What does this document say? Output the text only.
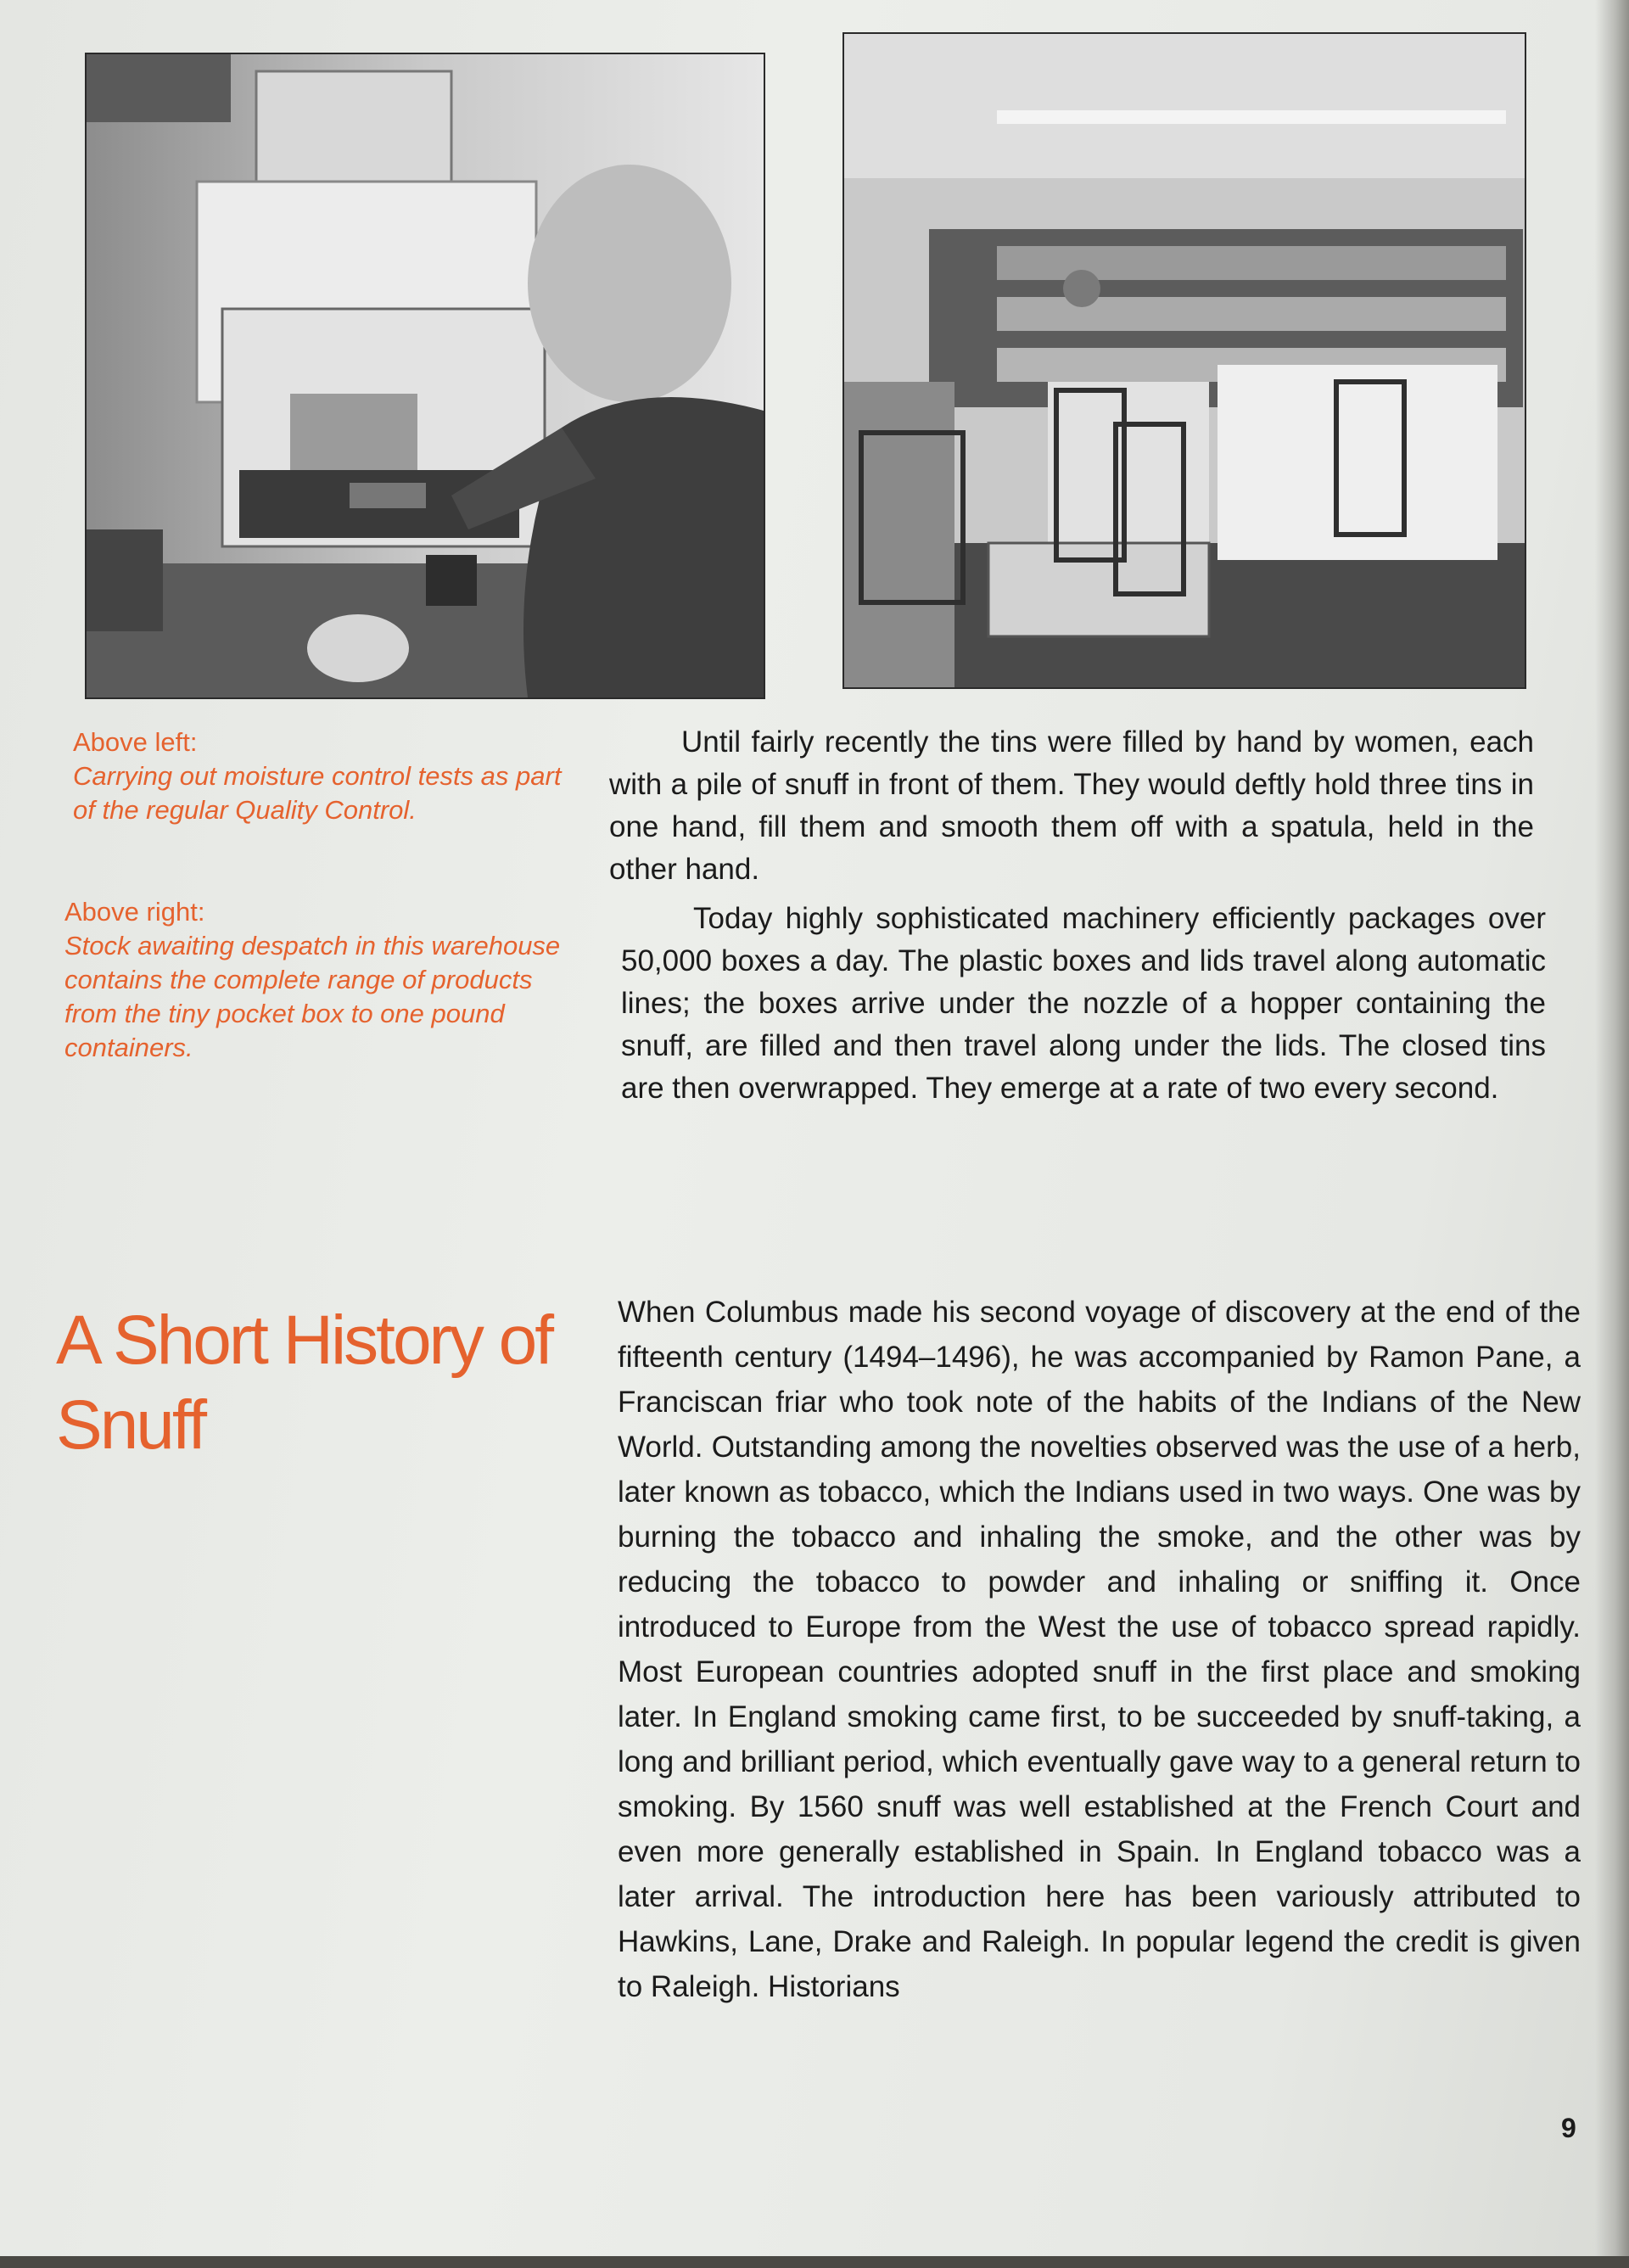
Above left:
Carrying out moisture control tests as part of the regular Quality Control.
Above right:
Stock awaiting despatch in this warehouse contains the complete range of products from the tiny pocket box to one pound containers.

Until fairly recently the tins were filled by hand by women, each with a pile of snuff in front of them. They would deftly hold three tins in one hand, fill them and smooth them off with a spatula, held in the other hand.

Today highly sophisticated machinery efficiently packages over 50,000 boxes a day. The plastic boxes and lids travel along automatic lines; the boxes arrive under the nozzle of a hopper containing the snuff, are filled and then travel along under the lids. The closed tins are then overwrapped. They emerge at a rate of two every second.

A Short History of Snuff

When Columbus made his second voyage of discovery at the end of the fifteenth century (1494–1496), he was accompanied by Ramon Pane, a Franciscan friar who took note of the habits of the Indians of the New World. Outstanding among the novelties observed was the use of a herb, later known as tobacco, which the Indians used in two ways. One was by burning the tobacco and inhaling the smoke, and the other was by reducing the tobacco to powder and inhaling or sniffing it. Once introduced to Europe from the West the use of tobacco spread rapidly. Most European countries adopted snuff in the first place and smoking later. In England smoking came first, to be succeeded by snuff-taking, a long and brilliant period, which eventually gave way to a general return to smoking. By 1560 snuff was well established at the French Court and even more generally established in Spain. In England tobacco was a later arrival. The introduction here has been variously attributed to Hawkins, Lane, Drake and Raleigh. In popular legend the credit is given to Raleigh. Historians

9
